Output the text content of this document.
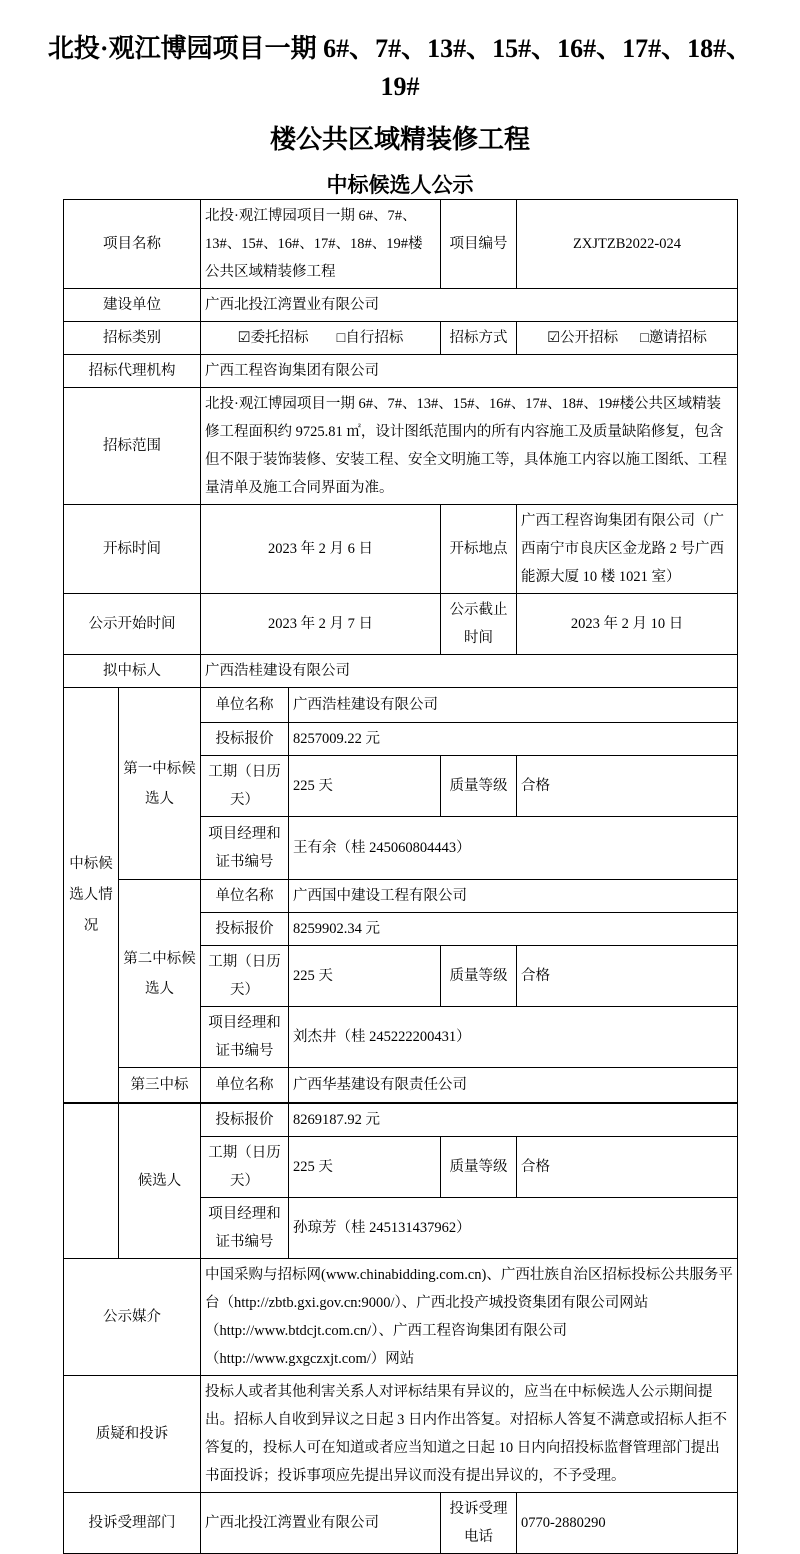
北投·观江博园项目一期 6#、7#、13#、15#、16#、17#、18#、19#
楼公共区域精装修工程
中标候选人公示
项目名称		北投·观江博园项目一期 6#、7#、13#、15#、16#、17#、18#、19#楼公共区域精装修工程		项目编号	ZXJTZB2022-024
建设单位		广西北投江湾置业有限公司			
招标类别		☑委托招标 □自行招标		招标方式	☑公开招标 □邀请招标

招标代理机构		广西工程咨询集团有限公司			
招标范围		北投·观江博园项目一期 6#、7#、13#、15#、16#、17#、18#、19#楼公共区域精装修工程面积约 9725.81 ㎡，设计图纸范围内的所有内容施工及质量缺陷修复，包含但不限于装饰装修、安装工程、安全文明施工等，具体施工内容以施工图纸、工程量清单及施工合同界面为准。			
开标时间		2023 年 2 月 6 日		开标地点	广西工程咨询集团有限公司（广西南宁市良庆区金龙路 2 号广西能源大厦 10 楼 1021 室）
公示开始时间		2023 年 2 月 7 日		公示截止时间	2023 年 2 月 10 日
拟中标人		广西浩桂建设有限公司			
中标候选人情况	第一中标候选人	单位名称	广西浩桂建设有限公司		
		投标报价	8257009.22 元		
		工期（日历天）	225 天	质量等级	合格
		项目经理和证书编号	王有余（桂 245060804443）		
	第二中标候选人	单位名称	广西国中建设工程有限公司		
		投标报价	8259902.34 元		
		工期（日历天）	225 天	质量等级	合格
		项目经理和证书编号	刘杰井（桂 245222200431）		
	第三中标	单位名称	广西华基建设有限责任公司		
	候选人	投标报价	8269187.92 元		
		工期（日历天）	225 天	质量等级	合格
		项目经理和证书编号	孙琼芳（桂 245131437962）		
公示媒介		中国采购与招标网(www.chinabidding.com.cn)、广西壮族自治区招标投标公共服务平台（http://zbtb.gxi.gov.cn:9000/）、广西北投产城投资集团有限公司网站（http://www.btdcjt.com.cn/）、广西工程咨询集团有限公司（http://www.gxgczxjt.com/）网站			
质疑和投诉		投标人或者其他利害关系人对评标结果有异议的，应当在中标候选人公示期间提出。招标人自收到异议之日起 3 日内作出答复。对招标人答复不满意或招标人拒不答复的，投标人可在知道或者应当知道之日起 10 日内向招投标监督管理部门提出书面投诉；投诉事项应先提出异议而没有提出异议的，不予受理。			
投诉受理部门		广西北投江湾置业有限公司		投诉受理电话	0770-2880290
